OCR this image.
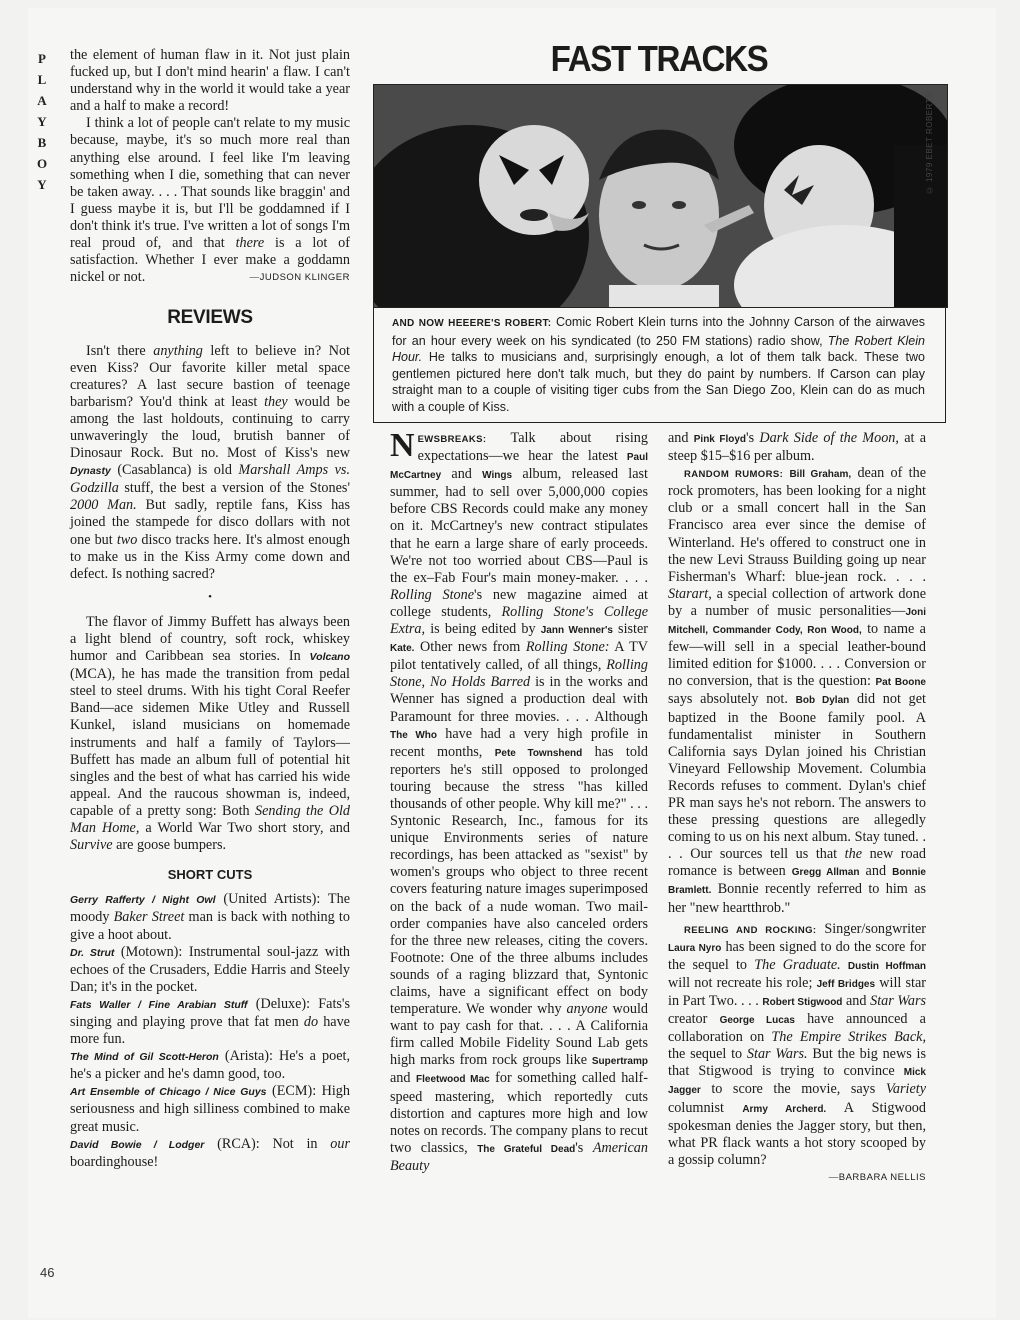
P
L
A
Y
B
O
Y

the element of human flaw in it. Not just plain fucked up, but I don't mind hearin' a flaw. I can't understand why in the world it would take a year and a half to make a record!

I think a lot of people can't relate to my music because, maybe, it's so much more real than anything else around. I feel like I'm leaving something when I die, something that can never be taken away. . . . That sounds like braggin' and I guess maybe it is, but I'll be goddamned if I don't think it's true. I've written a lot of songs I'm real proud of, and that there is a lot of satisfaction. Whether I ever make a goddamn nickel or not.	—JUDSON KLINGER
REVIEWS

Isn't there anything left to believe in? Not even Kiss? Our favorite killer metal space creatures? A last secure bastion of teenage barbarism? You'd think at least they would be among the last holdouts, continuing to carry unwaveringly the loud, brutish banner of Dinosaur Rock. But no. Most of Kiss's new Dynasty (Casablanca) is old Marshall Amps vs. Godzilla stuff, the best a version of the Stones' 2000 Man. But sadly, reptile fans, Kiss has joined the stampede for disco dollars with not one but two disco tracks here. It's almost enough to make us in the Kiss Army come down and defect. Is nothing sacred?

•

The flavor of Jimmy Buffett has always been a light blend of country, soft rock, whiskey humor and Caribbean sea stories. In Volcano (MCA), he has made the transition from pedal steel to steel drums. With his tight Coral Reefer Band—ace sidemen Mike Utley and Russell Kunkel, island musicians on homemade instruments and half a family of Taylors—Buffett has made an album full of potential hit singles and the best of what has carried his wide appeal. And the raucous showman is, indeed, capable of a pretty song: Both Sending the Old Man Home, a World War Two short story, and Survive are goose bumpers.

SHORT CUTS

Gerry Rafferty / Night Owl (United Artists): The moody Baker Street man is back with nothing to give a hoot about.

Dr. Strut (Motown): Instrumental soul-jazz with echoes of the Crusaders, Eddie Harris and Steely Dan; it's in the pocket.

Fats Waller / Fine Arabian Stuff (Deluxe): Fats's singing and playing prove that fat men do have more fun.

The Mind of Gil Scott-Heron (Arista): He's a poet, he's a picker and he's damn good, too.

Art Ensemble of Chicago / Nice Guys (ECM): High seriousness and high silliness combined to make great music.

David Bowie / Lodger (RCA): Not in our boardinghouse!

46
FAST TRACKS
© 1979 EBET ROBERTS
AND NOW HEEERE'S ROBERT: Comic Robert Klein turns into the Johnny Carson of the airwaves for an hour every week on his syndicated (to 250 FM stations) radio show, The Robert Klein Hour. He talks to musicians and, surprisingly enough, a lot of them talk back. These two gentlemen pictured here don't talk much, but they do paint by numbers. If Carson can play straight man to a couple of visiting tiger cubs from the San Diego Zoo, Klein can do as much with a couple of Kiss.

NEWSBREAKS: Talk about rising expectations—we hear the latest Paul McCartney and Wings album, released last summer, had to sell over 5,000,000 copies before CBS Records could make any money on it. McCartney's new contract stipulates that he earn a large share of early proceeds. We're not too worried about CBS—Paul is the ex–Fab Four's main money-maker. . . . Rolling Stone's new magazine aimed at college students, Rolling Stone's College Extra, is being edited by Jann Wenner's sister Kate. Other news from Rolling Stone: A TV pilot tentatively called, of all things, Rolling Stone, No Holds Barred is in the works and Wenner has signed a production deal with Paramount for three movies. . . . Although The Who have had a very high profile in recent months, Pete Townshend has told reporters he's still opposed to prolonged touring because the stress "has killed thousands of other people. Why kill me?" . . . Syntonic Research, Inc., famous for its unique Environments series of nature recordings, has been attacked as "sexist" by women's groups who object to three recent covers featuring nature images superimposed on the back of a nude woman. Two mail-order companies have also canceled orders for the three new releases, citing the covers. Footnote: One of the three albums includes sounds of a raging blizzard that, Syntonic claims, have a significant effect on body temperature. We wonder why anyone would want to pay cash for that. . . . A California firm called Mobile Fidelity Sound Lab gets high marks from rock groups like Supertramp and Fleetwood Mac for something called half-speed mastering, which reportedly cuts distortion and captures more high and low notes on records. The company plans to recut two classics, The Grateful Dead's American Beauty

and Pink Floyd's Dark Side of the Moon, at a steep $15–$16 per album.

RANDOM RUMORS: Bill Graham, dean of the rock promoters, has been looking for a night club or a small concert hall in the San Francisco area ever since the demise of Winterland. He's offered to construct one in the new Levi Strauss Building going up near Fisherman's Wharf: blue-jean rock. . . . Starart, a special collection of artwork done by a number of music personalities—Joni Mitchell, Commander Cody, Ron Wood, to name a few—will sell in a special leather-bound limited edition for $1000. . . . Conversion or no conversion, that is the question: Pat Boone says absolutely not. Bob Dylan did not get baptized in the Boone family pool. A fundamentalist minister in Southern California says Dylan joined his Christian Vineyard Fellowship Movement. Columbia Records refuses to comment. Dylan's chief PR man says he's not reborn. The answers to these pressing questions are allegedly coming to us on his next album. Stay tuned. . . . Our sources tell us that the new road romance is between Gregg Allman and Bonnie Bramlett. Bonnie recently referred to him as her "new heartthrob."

REELING AND ROCKING: Singer/songwriter Laura Nyro has been signed to do the score for the sequel to The Graduate. Dustin Hoffman will not recreate his role; Jeff Bridges will star in Part Two. . . . Robert Stigwood and Star Wars creator George Lucas have announced a collaboration on The Empire Strikes Back, the sequel to Star Wars. But the big news is that Stigwood is trying to convince Mick Jagger to score the movie, says Variety columnist Army Archerd. A Stigwood spokesman denies the Jagger story, but then, what PR flack wants a hot story scooped by a gossip column?

—BARBARA NELLIS
